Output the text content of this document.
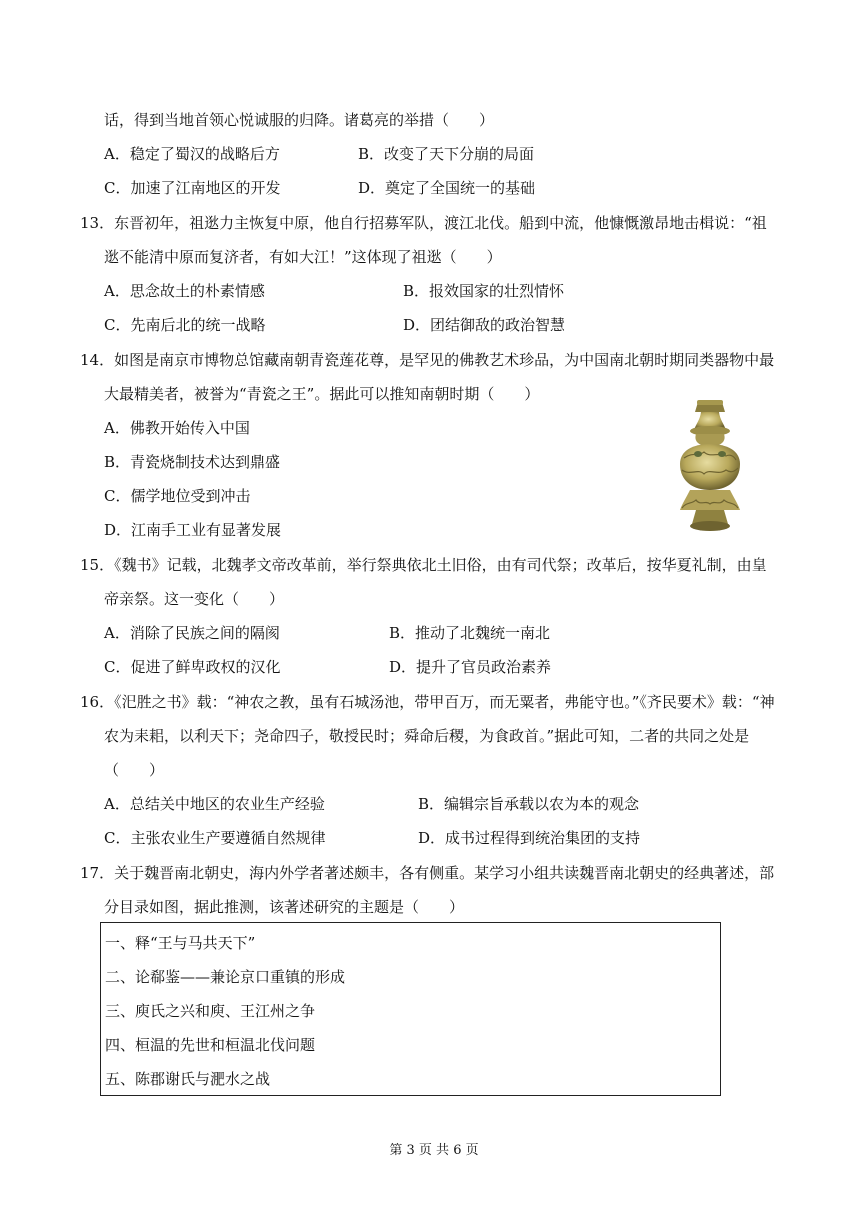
话，得到当地首领心悦诚服的归降。诸葛亮的举措（　　）
A．稳定了蜀汉的战略后方	B．改变了天下分崩的局面
C．加速了江南地区的开发	D．奠定了全国统一的基础
13．东晋初年，祖逖力主恢复中原，他自行招募军队，渡江北伐。船到中流，他慷慨激昂地击楫说：“祖
逖不能清中原而复济者，有如大江！”这体现了祖逖（　　）
A．思念故土的朴素情感	B．报效国家的壮烈情怀
C．先南后北的统一战略	D．团结御敌的政治智慧
14．如图是南京市博物总馆藏南朝青瓷莲花尊，是罕见的佛教艺术珍品，为中国南北朝时期同类器物中最
大最精美者，被誉为“青瓷之王”。据此可以推知南朝时期（　　）
A．佛教开始传入中国
B．青瓷烧制技术达到鼎盛
C．儒学地位受到冲击
D．江南手工业有显著发展
15．《魏书》记载，北魏孝文帝改革前，举行祭典依北土旧俗，由有司代祭；改革后，按华夏礼制，由皇
帝亲祭。这一变化（　　）
A．消除了民族之间的隔阂	B．推动了北魏统一南北
C．促进了鲜卑政权的汉化	D．提升了官员政治素养
16．《汜胜之书》载：“神农之教，虽有石城汤池，带甲百万，而无粟者，弗能守也。”《齐民要术》载：“神
农为耒耜，以利天下；尧命四子，敬授民时；舜命后稷，为食政首。”据此可知，二者的共同之处是
（　　）
A．总结关中地区的农业生产经验	B．编辑宗旨承载以农为本的观念
C．主张农业生产要遵循自然规律	D．成书过程得到统治集团的支持
17．关于魏晋南北朝史，海内外学者著述颇丰，各有侧重。某学习小组共读魏晋南北朝史的经典著述，部
分目录如图，据此推测，该著述研究的主题是（　　）
一、释“王与马共天下”
二、论郗鉴——兼论京口重镇的形成
三、庾氏之兴和庾、王江州之争
四、桓温的先世和桓温北伐问题
五、陈郡谢氏与淝水之战
第 3 页 共 6 页
